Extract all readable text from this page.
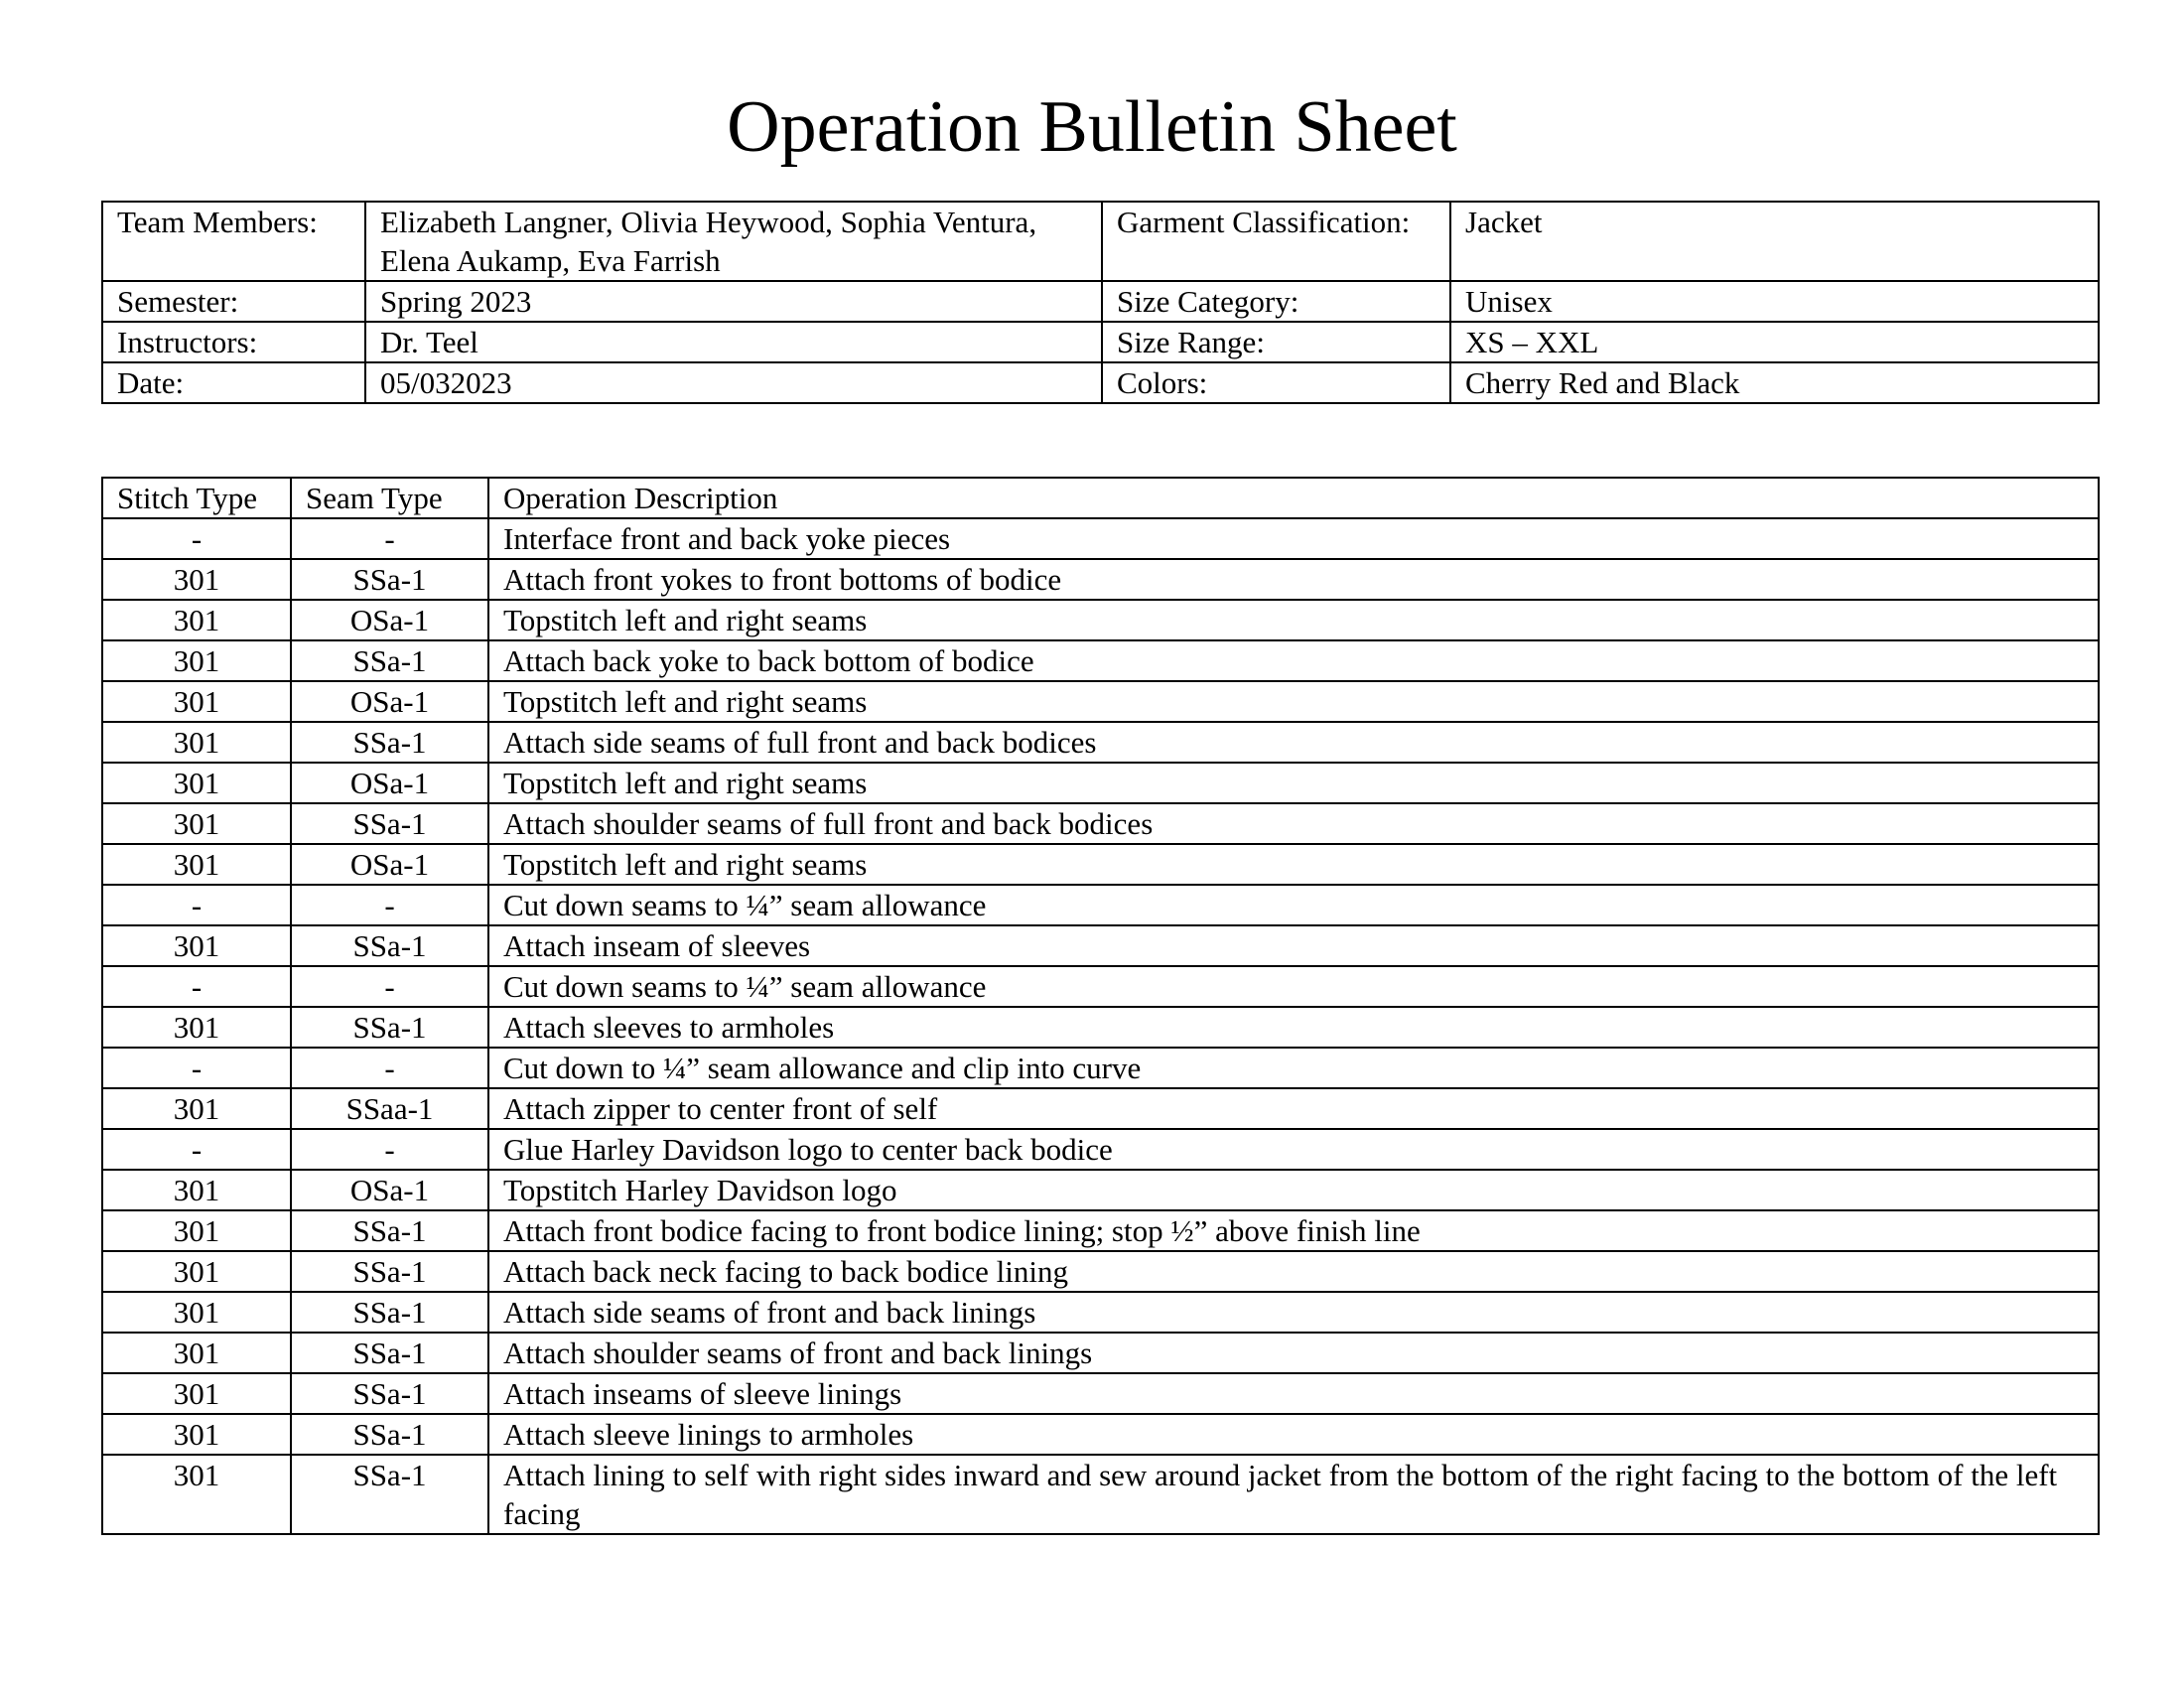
Operation Bulletin Sheet
Team Members:	Elizabeth Langner, Olivia Heywood, Sophia Ventura, Elena Aukamp, Eva Farrish	Garment Classification:	Jacket
Semester:	Spring 2023	Size Category:	Unisex
Instructors:	Dr. Teel	Size Range:	XS – XXL
Date:	05/032023	Colors:	Cherry Red and Black
Stitch Type	Seam Type	Operation Description
-	-	Interface front and back yoke pieces
301	SSa-1	Attach front yokes to front bottoms of bodice
301	OSa-1	Topstitch left and right seams
301	SSa-1	Attach back yoke to back bottom of bodice
301	OSa-1	Topstitch left and right seams
301	SSa-1	Attach side seams of full front and back bodices
301	OSa-1	Topstitch left and right seams
301	SSa-1	Attach shoulder seams of full front and back bodices
301	OSa-1	Topstitch left and right seams
-	-	Cut down seams to ¼” seam allowance
301	SSa-1	Attach inseam of sleeves
-	-	Cut down seams to ¼” seam allowance
301	SSa-1	Attach sleeves to armholes
-	-	Cut down to ¼” seam allowance and clip into curve
301	SSaa-1	Attach zipper to center front of self
-	-	Glue Harley Davidson logo to center back bodice
301	OSa-1	Topstitch Harley Davidson logo
301	SSa-1	Attach front bodice facing to front bodice lining; stop ½” above finish line
301	SSa-1	Attach back neck facing to back bodice lining
301	SSa-1	Attach side seams of front and back linings
301	SSa-1	Attach shoulder seams of front and back linings
301	SSa-1	Attach inseams of sleeve linings
301	SSa-1	Attach sleeve linings to armholes
301	SSa-1	Attach lining to self with right sides inward and sew around jacket from the bottom of the right facing to the bottom of the left facing
